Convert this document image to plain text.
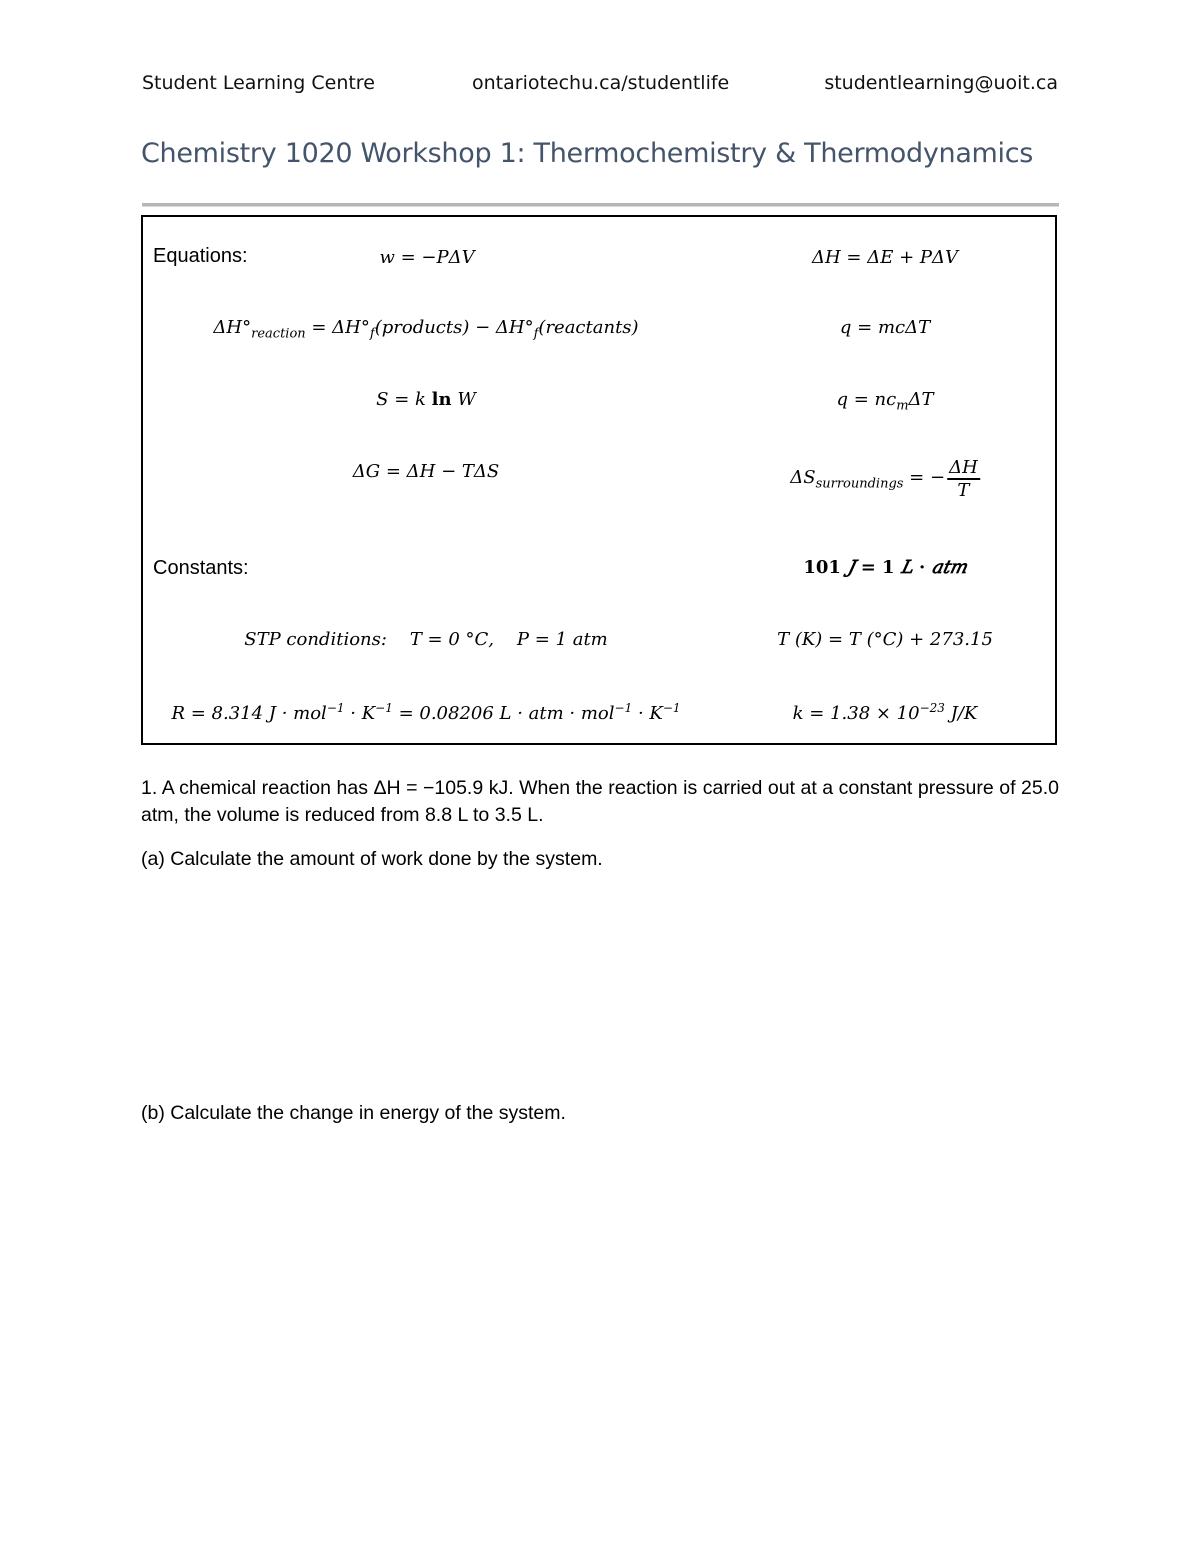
Student Learning Centre	ontariotechu.ca/studentlife	studentlearning@uoit.ca
Chemistry 1020 Workshop 1: Thermochemistry & Thermodynamics
Equations:	𝑤 = −𝑃Δ𝑉	Δ𝐻 = Δ𝐸 + 𝑃Δ𝑉
$\Delta 𝐻^\circ_{𝑟𝑒𝑎𝑐𝑡𝑖𝑜𝑛}$ = $\Delta 𝐻^\circ_𝑓(𝑝𝑟𝑜𝑑𝑢𝑐𝑡𝑠)$ − $\Delta 𝐻^\circ_𝑓(𝑟𝑒𝑎𝑐𝑡𝑎𝑛𝑡𝑠)$	𝑞 = 𝑚𝑐Δ𝑇
𝑆 = 𝑘 ln 𝑊	𝑞 = 𝑛𝑐$_𝑚$Δ𝑇
Δ𝐺 = Δ𝐻 − 𝑇Δ𝑆	Δ𝑆$_{𝑠𝑢𝑟𝑟𝑜𝑢𝑛𝑑𝑖𝑛𝑔𝑠}$ = − Δ𝐻
𝑇
Constants:	101 𝐽 = 1 𝐿 · 𝑎𝑡𝑚
𝑆𝑇𝑃 𝑐𝑜𝑛𝑑𝑖𝑡𝑖𝑜𝑛𝑠:    𝑇 = 0 °𝐶,    𝑃 = 1 𝑎𝑡𝑚	𝑇 (𝐾) = 𝑇 (°𝐶) + 273.15
𝑅 = 8.314 𝐽 · 𝑚𝑜𝑙$^{-1}$ · 𝐾$^{-1}$ = 0.08206 𝐿 · 𝑎𝑡𝑚 · 𝑚𝑜𝑙$^{-1}$ · 𝐾$^{-1}$	𝑘 = $1.38 \times 10^{-23}$ 𝐽/𝐾
1. A chemical reaction has ΔH = −105.9 kJ. When the reaction is carried out at a constant pressure of 25.0 atm, the volume is reduced from 8.8 L to 3.5 L.
(a) Calculate the amount of work done by the system.
(b) Calculate the change in energy of the system.
